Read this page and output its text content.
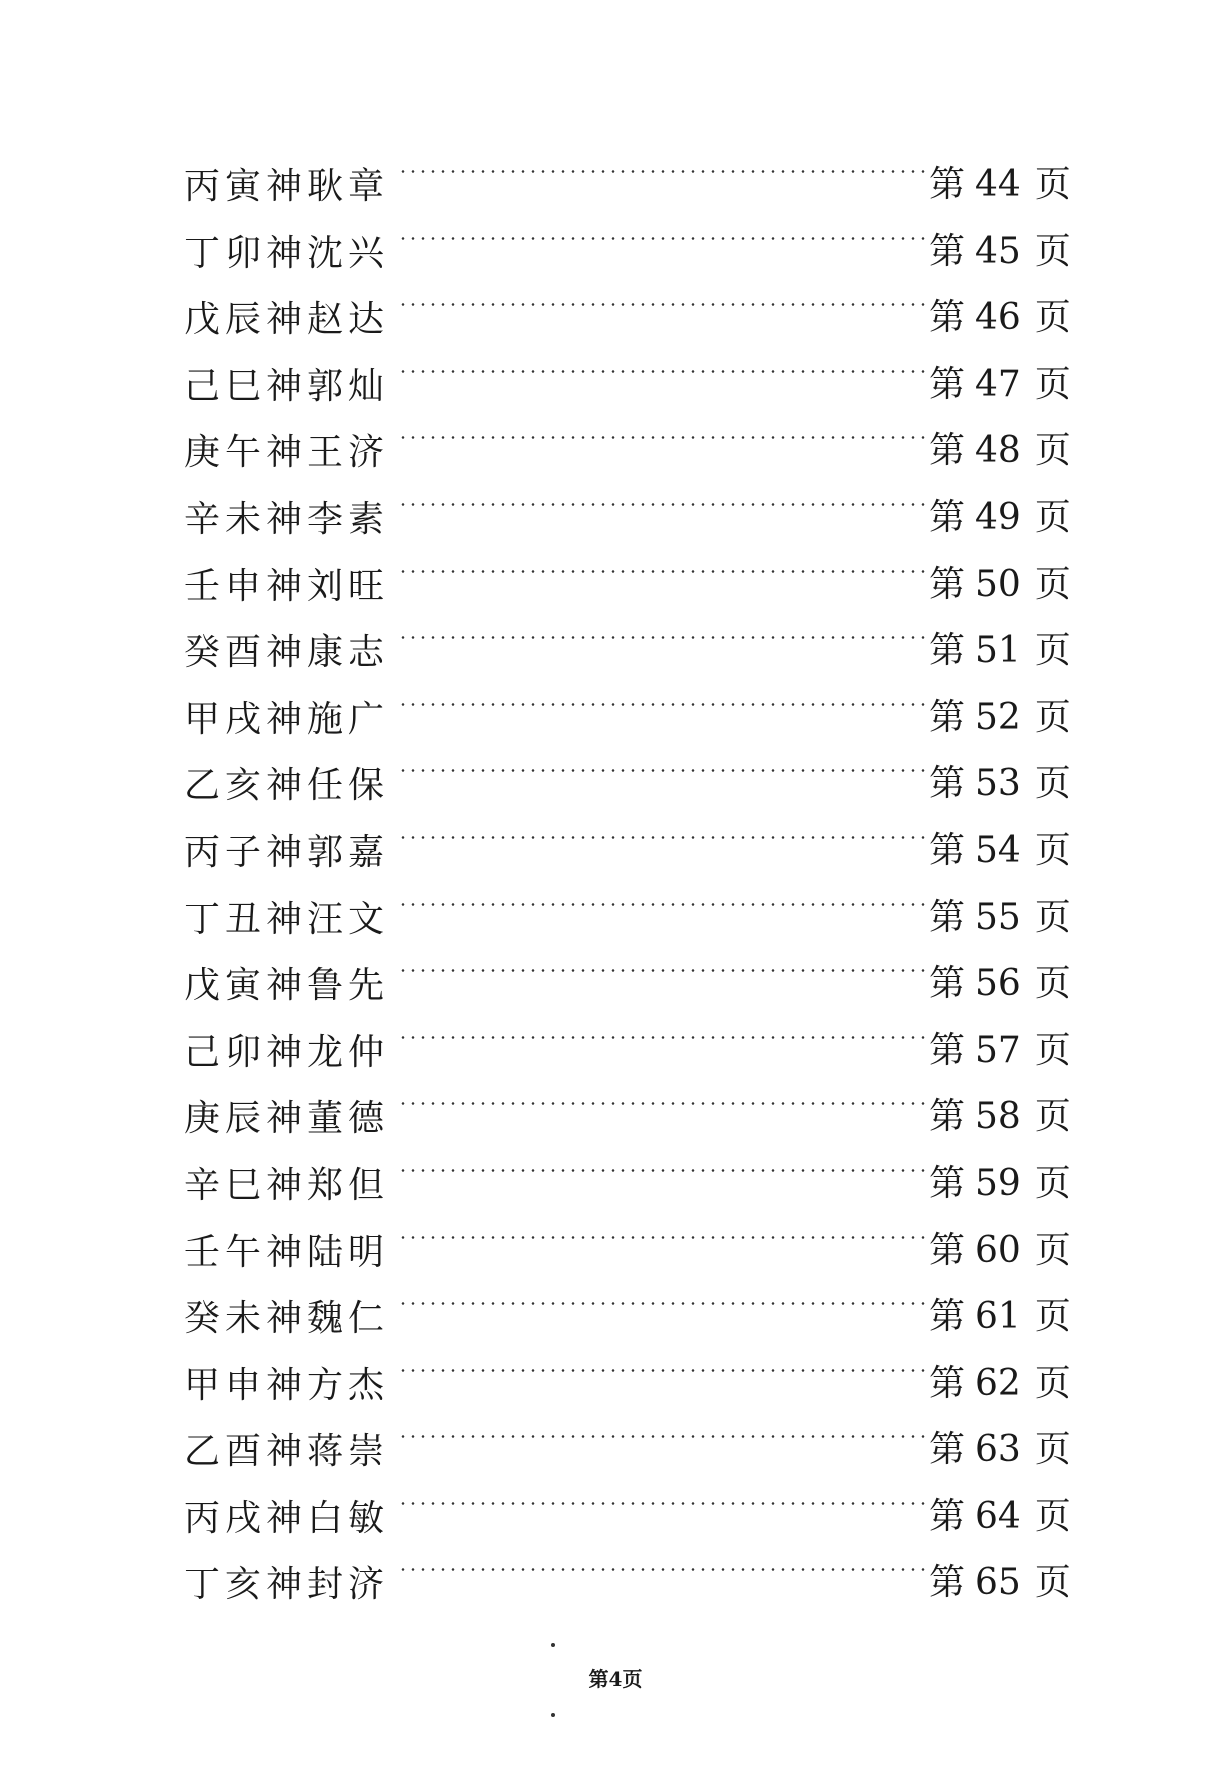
丙寅神耿章	第 44 页
丁卯神沈兴	第 45 页
戊辰神赵达	第 46 页
己巳神郭灿	第 47 页
庚午神王济	第 48 页
辛未神李素	第 49 页
壬申神刘旺	第 50 页
癸酉神康志	第 51 页
甲戌神施广	第 52 页
乙亥神任保	第 53 页
丙子神郭嘉	第 54 页
丁丑神汪文	第 55 页
戊寅神鲁先	第 56 页
己卯神龙仲	第 57 页
庚辰神董德	第 58 页
辛巳神郑但	第 59 页
壬午神陆明	第 60 页
癸未神魏仁	第 61 页
甲申神方杰	第 62 页
乙酉神蒋崇	第 63 页
丙戌神白敏	第 64 页
丁亥神封济	第 65 页
第4页
